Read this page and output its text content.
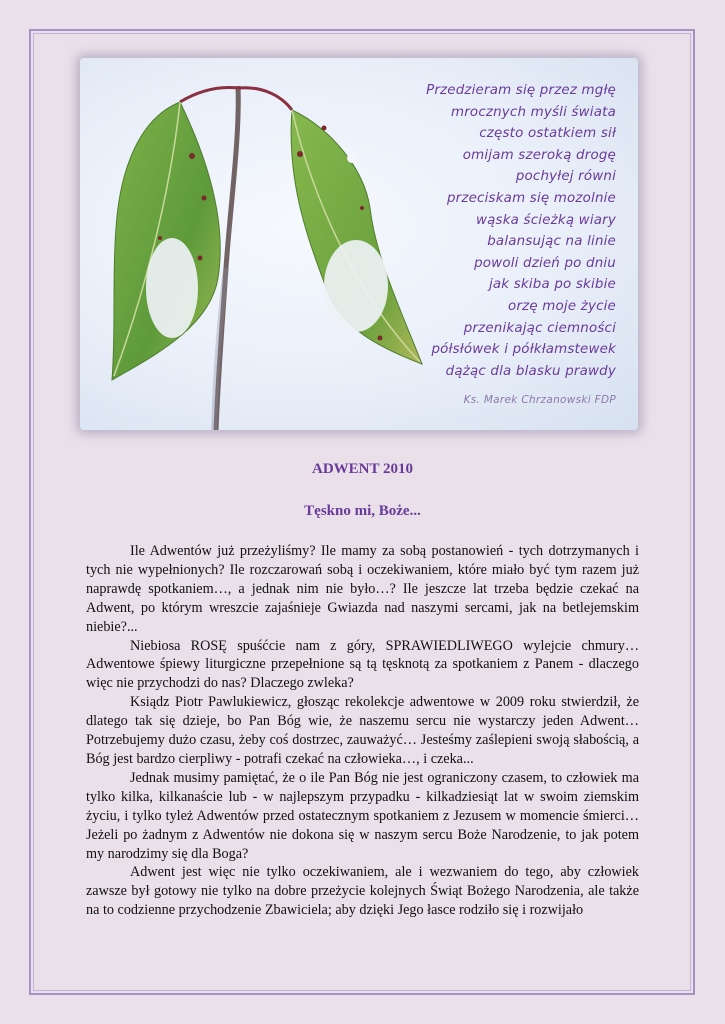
Przedzieram się przez mgłę
mrocznych myśli świata
często ostatkiem sił
omijam szeroką drogę
pochyłej równi
przeciskam się mozolnie
wąska ścieżką wiary
balansując na linie
powoli dzień po dniu
jak skiba po skibie
orzę moje życie
przenikając ciemności
półsłówek i półkłamstewek
dążąc dla blasku prawdy
Ks. Marek Chrzanowski FDP
ADWENT 2010
Tęskno mi, Boże...

Ile Adwentów już przeżyliśmy? Ile mamy za sobą postanowień - tych dotrzymanych i tych nie wypełnionych? Ile rozczarowań sobą i oczekiwaniem, które miało być tym razem już naprawdę spotkaniem…, a jednak nim nie było…? Ile jeszcze lat trzeba będzie czekać na Adwent, po którym wreszcie zajaśnieje Gwiazda nad naszymi sercami, jak na betlejemskim niebie?...

Niebiosa ROSĘ spuśćcie nam z góry, SPRAWIEDLIWEGO wylejcie chmury… Adwentowe śpiewy liturgiczne przepełnione są tą tęsknotą za spotkaniem z Panem - dlaczego więc nie przychodzi do nas? Dlaczego zwleka?

Ksiądz Piotr Pawlukiewicz, głosząc rekolekcje adwentowe w 2009 roku stwierdził, że dlatego tak się dzieje, bo Pan Bóg wie, że naszemu sercu nie wystarczy jeden Adwent… Potrzebujemy dużo czasu, żeby coś dostrzec, zauważyć… Jesteśmy zaślepieni swoją słabością, a Bóg jest bardzo cierpliwy - potrafi czekać na człowieka…, i czeka...

Jednak musimy pamiętać, że o ile Pan Bóg nie jest ograniczony czasem, to człowiek ma tylko kilka, kilkanaście lub - w najlepszym przypadku - kilkadziesiąt lat w swoim ziemskim życiu, i tylko tyleż Adwentów przed ostatecznym spotkaniem z Jezusem w momencie śmierci… Jeżeli po żadnym z Adwentów nie dokona się w naszym sercu Boże Narodzenie, to jak potem my narodzimy się dla Boga?

Adwent jest więc nie tylko oczekiwaniem, ale i wezwaniem do tego, aby człowiek zawsze był gotowy nie tylko na dobre przeżycie kolejnych Świąt Bożego Narodzenia, ale także na to codzienne przychodzenie Zbawiciela; aby dzięki Jego łasce rodziło się i rozwijało
